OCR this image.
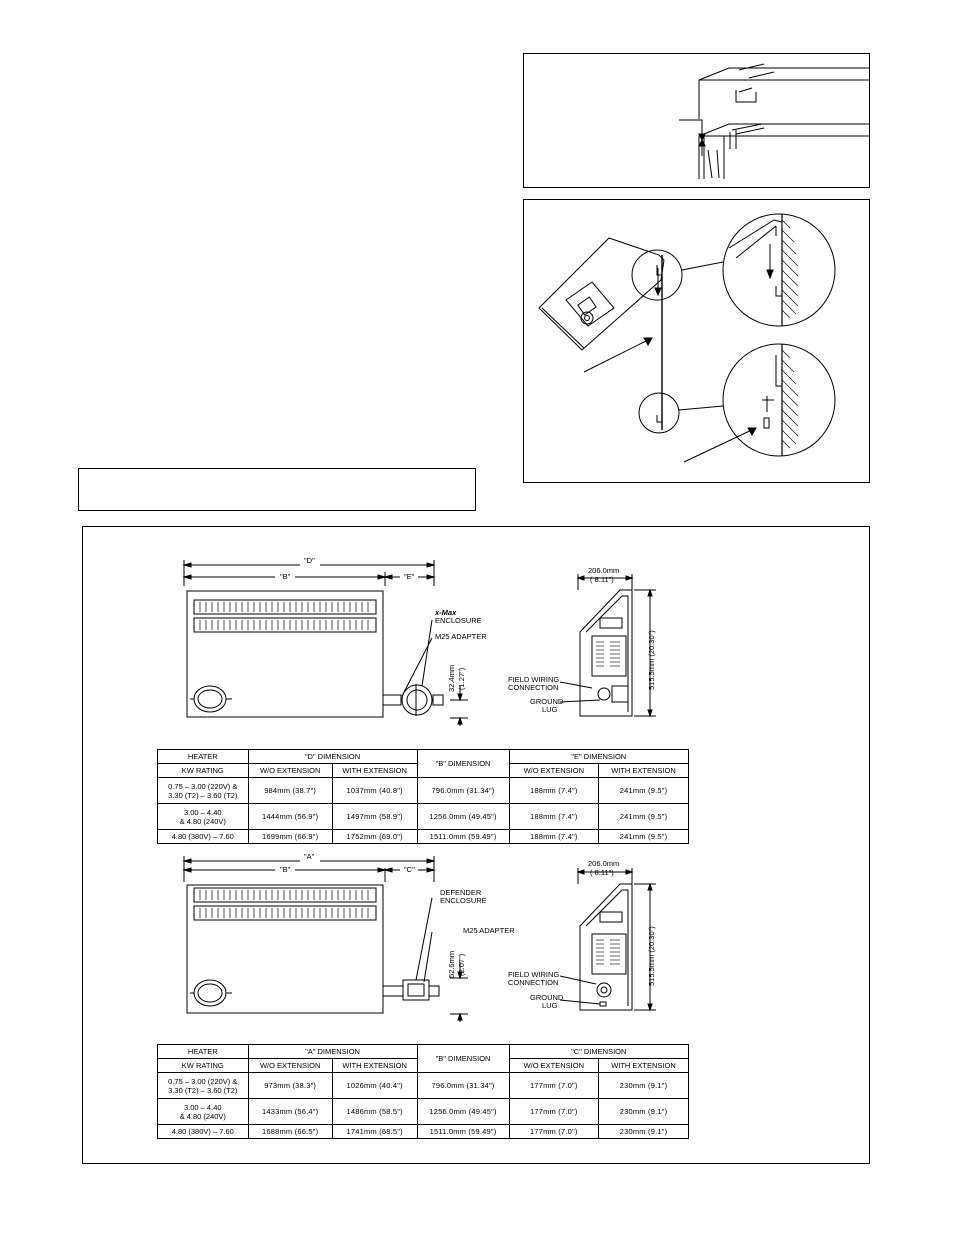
"D"
"B"	"E"
x-Max
ENCLOSURE
M25 ADAPTER
32.4mm (1.27")
206.0mm
( 8.11")
515.5mm (20.30")
FIELD WIRING
CONNECTION
GROUND
LUG
HEATER	"D" DIMENSION		"B" DIMENSION	"E" DIMENSION	
KW RATING	W/O EXTENSION	WITH EXTENSION		W/O EXTENSION	WITH EXTENSION

0.75 – 3.00 (220V) &
3.30 (T2) – 3.60 (T2)	984mm (38.7")	1037mm (40.8")	796.0mm (31.34")	188mm (7.4")	241mm (9.5")

3.00 – 4.40
& 4.80 (240V)	1444mm (56.9")	1497mm (58.9")	1256.0mm (49.45")	188mm (7.4")	241mm (9.5")
4.80 (380V) – 7.60	1699mm (66.9")	1752mm (69.0")	1511.0mm (59.49")	188mm (7.4")	241mm (9.5")
"A"
"B"	"C"
DEFENDER
ENCLOSURE
M25 ADAPTER
52.6mm (2.07")
206.0mm
( 8.11")
515.5mm (20.30")
FIELD WIRING
CONNECTION
GROUND
LUG
HEATER	"A" DIMENSION		"B" DIMENSION	"C" DIMENSION	
KW RATING	W/O EXTENSION	WITH EXTENSION		W/O EXTENSION	WITH EXTENSION

0.75 – 3.00 (220V) &
3.30 (T2) – 3.60 (T2)	973mm (38.3")	1026mm (40.4")	796.0mm (31.34")	177mm (7.0")	230mm (9.1")

3.00 – 4.40
& 4.80 (240V)	1433mm (56.4")	1486mm (58.5")	1256.0mm (49.45")	177mm (7.0")	230mm (9.1")
4.80 (380V) – 7.60	1688mm (66.5")	1741mm (68.5")	1511.0mm (59.49")	177mm (7.0")	230mm (9.1")
